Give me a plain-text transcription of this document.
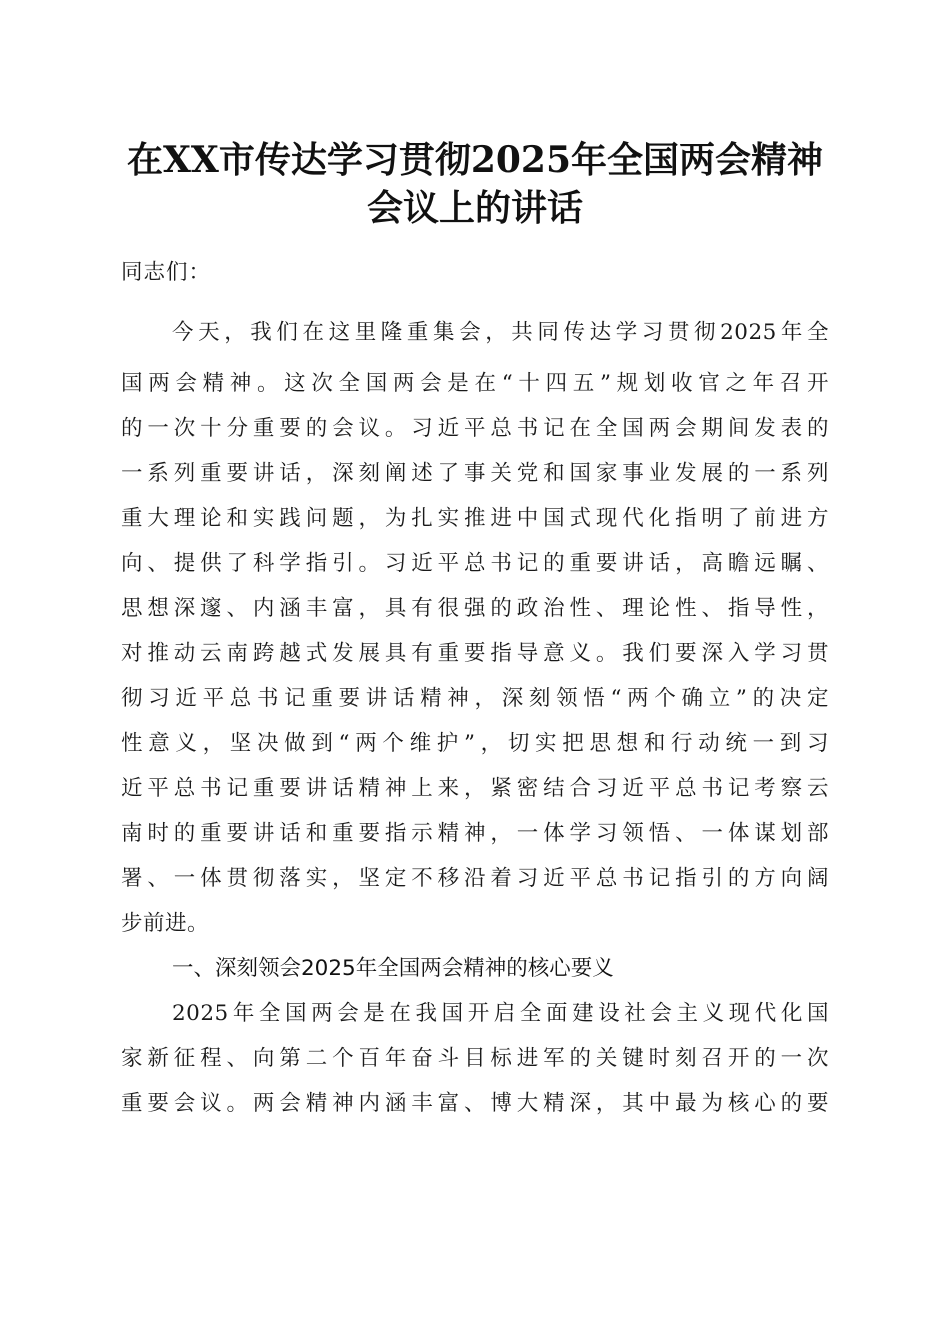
在XX市传达学习贯彻2025年全国两会精神
会议上的讲话
同志们：
今天，我们在这里隆重集会，共同传达学习贯彻2025年全
国两会精神。这次全国两会是在“十四五”规划收官之年召开
的一次十分重要的会议。习近平总书记在全国两会期间发表的
一系列重要讲话，深刻阐述了事关党和国家事业发展的一系列
重大理论和实践问题，为扎实推进中国式现代化指明了前进方
向、提供了科学指引。习近平总书记的重要讲话，高瞻远瞩、
思想深邃、内涵丰富，具有很强的政治性、理论性、指导性，
对推动云南跨越式发展具有重要指导意义。我们要深入学习贯
彻习近平总书记重要讲话精神，深刻领悟“两个确立”的决定
性意义，坚决做到“两个维护”，切实把思想和行动统一到习
近平总书记重要讲话精神上来，紧密结合习近平总书记考察云
南时的重要讲话和重要指示精神，一体学习领悟、一体谋划部
署、一体贯彻落实，坚定不移沿着习近平总书记指引的方向阔
步前进。
一、深刻领会2025年全国两会精神的核心要义
2025年全国两会是在我国开启全面建设社会主义现代化国
家新征程、向第二个百年奋斗目标进军的关键时刻召开的一次
重要会议。两会精神内涵丰富、博大精深，其中最为核心的要
